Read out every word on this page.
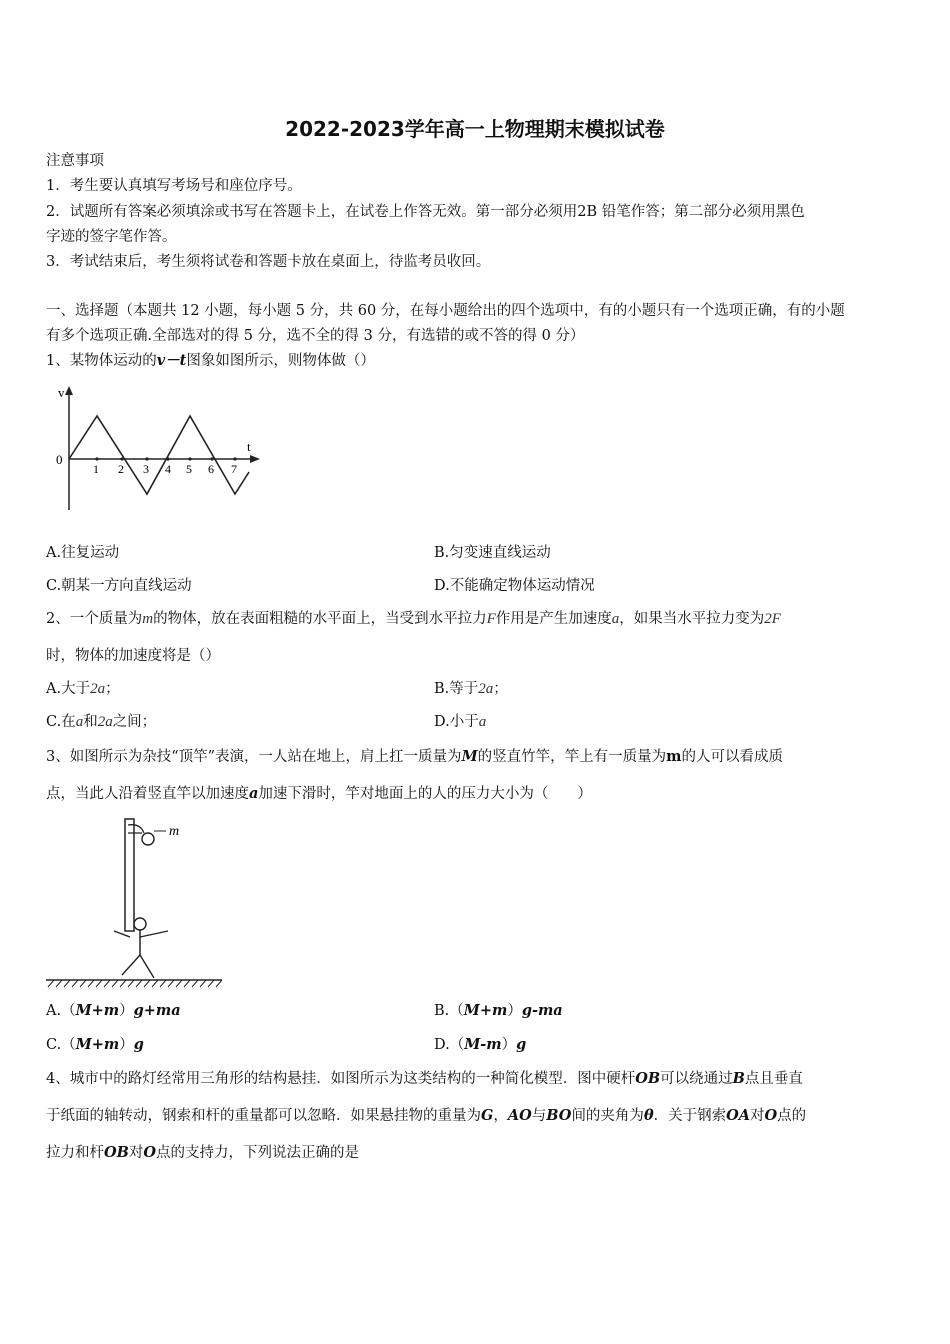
2022-2023学年高一上物理期末模拟试卷
注意事项
1．考生要认真填写考场号和座位序号。
2．试题所有答案必须填涂或书写在答题卡上，在试卷上作答无效。第一部分必须用2B 铅笔作答；第二部分必须用黑色
字迹的签字笔作答。
3．考试结束后，考生须将试卷和答题卡放在桌面上，待监考员收回。
一、选择题（本题共 12 小题，每小题 5 分，共 60 分，在每小题给出的四个选项中，有的小题只有一个选项正确，有的小题
有多个选项正确.全部选对的得 5 分，选不全的得 3 分，有选错的或不答的得 0 分）
1、某物体运动的v－t图象如图所示，则物体做（）
v
t
0
1 2 3 4 5 6 7
A.往复运动	B.匀变速直线运动
C.朝某一方向直线运动	D.不能确定物体运动情况
2、一个质量为m的物体，放在表面粗糙的水平面上，当受到水平拉力F作用是产生加速度a，如果当水平拉力变为2F
时，物体的加速度将是（）
A.大于2a；	B.等于2a；
C.在a和2a之间；	D.小于a
3、如图所示为杂技“顶竿”表演，一人站在地上，肩上扛一质量为M的竖直竹竿，竿上有一质量为m的人可以看成质
点，当此人沿着竖直竿以加速度a加速下滑时，竿对地面上的人的压力大小为（　　）
m
A.（M+m）g+ma	B.（M+m）g-ma
C.（M+m）g	D.（M-m）g
4、城市中的路灯经常用三角形的结构悬挂．如图所示为这类结构的一种简化模型．图中硬杆OB可以绕通过B点且垂直
于纸面的轴转动，钢索和杆的重量都可以忽略．如果悬挂物的重量为G，AO与BO间的夹角为θ．关于钢索OA对O点的
拉力和杆OB对O点的支持力，下列说法正确的是
